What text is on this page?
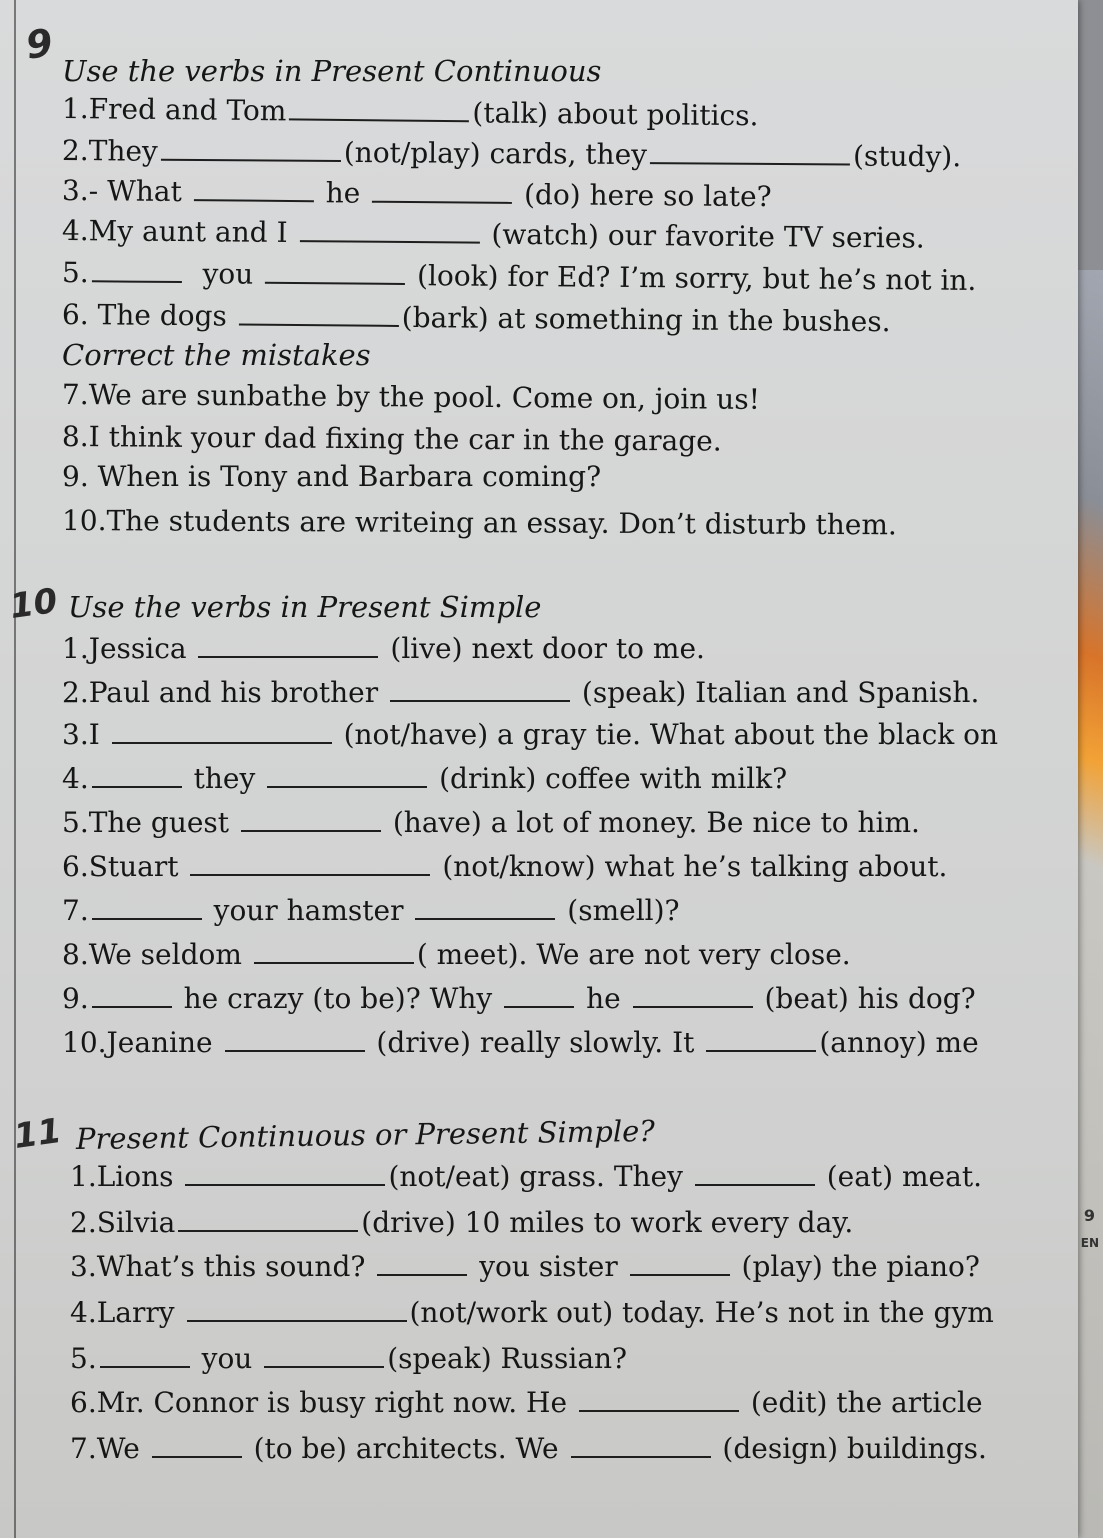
9
Use the verbs in Present Continuous
1.Fred and Tom	(talk) about politics.
2.They	(not/play) cards, they	(study).
3.- What	he	(do) here so late?
4.My aunt and I	(watch) our favorite TV series.
5.	you	(look) for Ed? I’m sorry, but he’s not in.
6. The dogs	(bark) at something in the bushes.
Correct the mistakes
7.We are sunbathe by the pool. Come on, join us!
8.I think your dad fixing the car in the garage.
9. When is Tony and Barbara coming?
10.The students are writeing an essay. Don’t disturb them.
10 Use the verbs in Present Simple
1.Jessica	(live) next door to me.
2.Paul and his brother	(speak) Italian and Spanish.
3.I	(not/have) a gray tie. What about the black on
4.	they	(drink) coffee with milk?
5.The guest	(have) a lot of money. Be nice to him.
6.Stuart	(not/know) what he’s talking about.
7.	your hamster	(smell)?
8.We seldom	( meet). We are not very close.
9.	he crazy (to be)? Why	he	(beat) his dog?
10.Jeanine	(drive) really slowly. It	(annoy) me
11 Present Continuous or Present Simple?
1.Lions	(not/eat) grass. They	(eat) meat.
2.Silvia	(drive) 10 miles to work every day.
3.What’s this sound?	you sister	(play) the piano?
4.Larry	(not/work out) today. He’s not in the gym
5.	you	(speak) Russian?
6.Mr. Connor is busy right now. He	(edit) the article
7.We	(to be) architects. We	(design) buildings.
9
EN
